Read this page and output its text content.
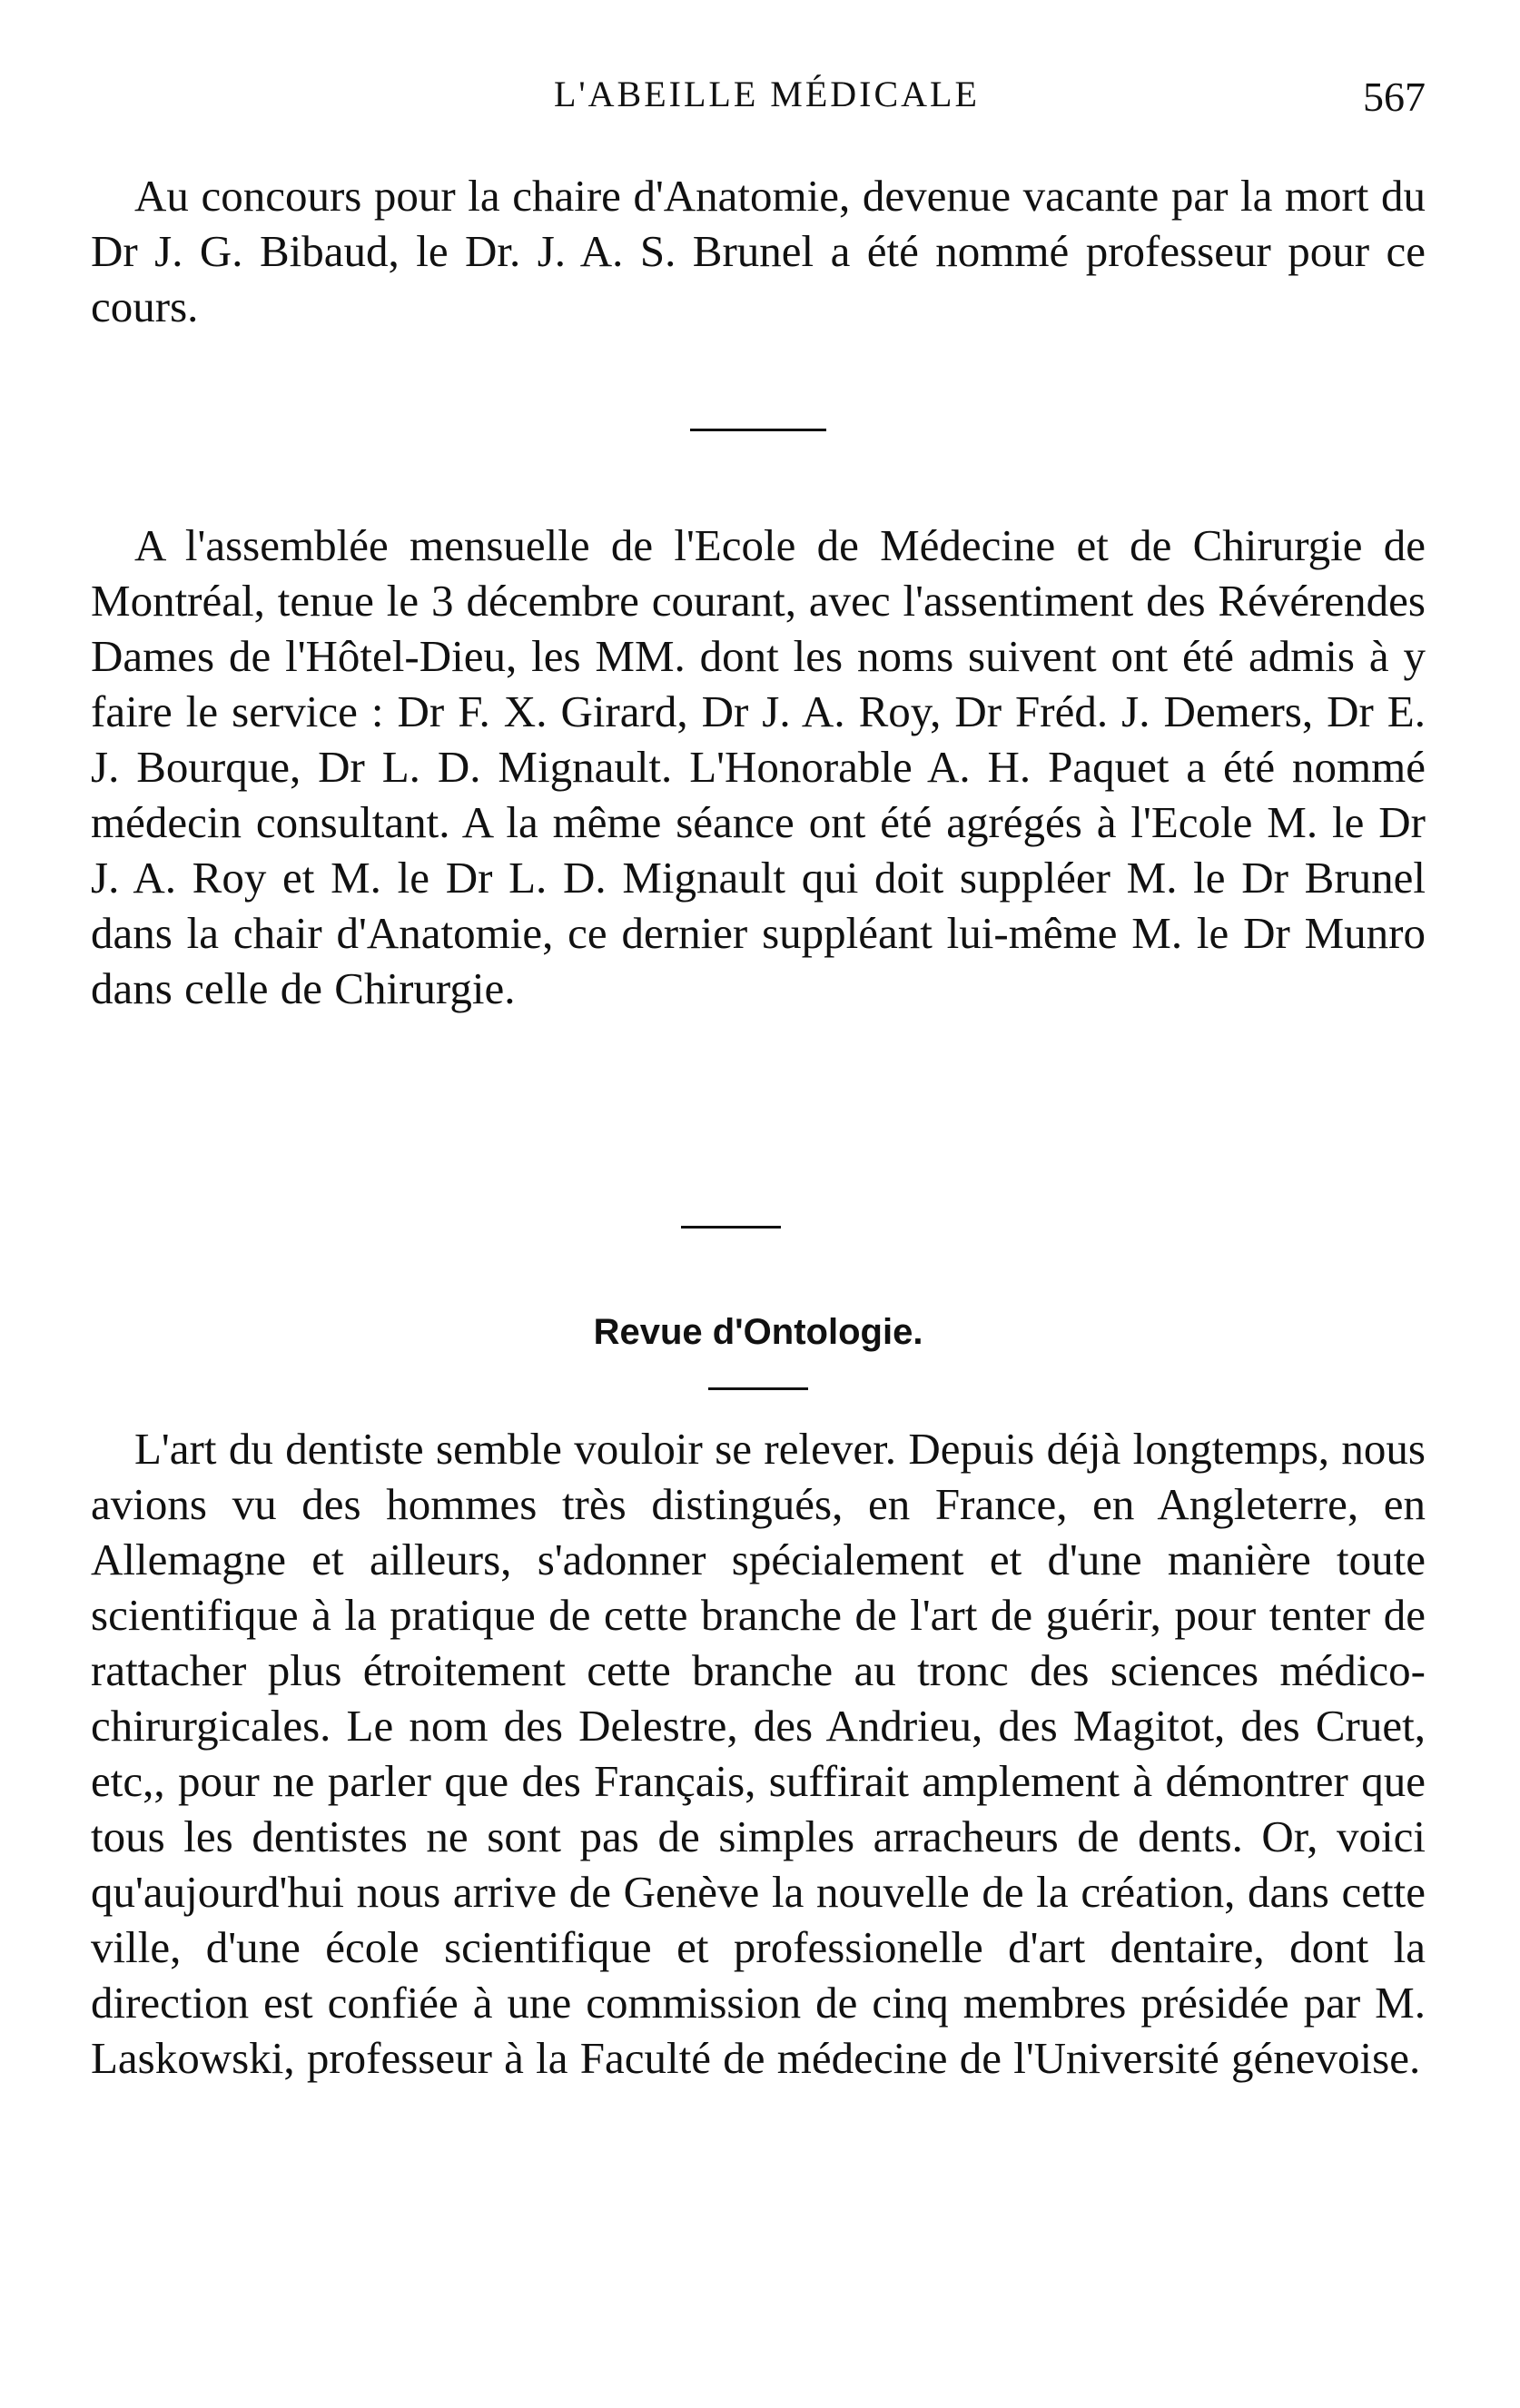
L'ABEILLE MÉDICALE	567

Au concours pour la chaire d'Anatomie, devenue vacante par la mort du Dr J. G. Bibaud, le Dr. J. A. S. Brunel a été nommé professeur pour ce cours.

A l'assemblée mensuelle de l'Ecole de Médecine et de Chirurgie de Montréal, tenue le 3 décembre courant, avec l'assentiment des Révérendes Dames de l'Hôtel-Dieu, les MM. dont les noms suivent ont été admis à y faire le service : Dr F. X. Girard, Dr J. A. Roy, Dr Fréd. J. Demers, Dr E. J. Bourque, Dr L. D. Mignault. L'Honorable A. H. Paquet a été nommé médecin consultant. A la même séance ont été agrégés à l'Ecole M. le Dr J. A. Roy et M. le Dr L. D. Mignault qui doit suppléer M. le Dr Brunel dans la chair d'Anatomie, ce dernier suppléant lui-même M. le Dr Munro dans celle de Chirurgie.

Revue d'Ontologie.

L'art du dentiste semble vouloir se relever. Depuis déjà longtemps, nous avions vu des hommes très distingués, en France, en Angleterre, en Allemagne et ailleurs, s'adonner spécialement et d'une manière toute scientifique à la pratique de cette branche de l'art de guérir, pour tenter de rattacher plus étroitement cette branche au tronc des sciences médico-chirurgicales. Le nom des Delestre, des Andrieu, des Magitot, des Cruet, etc,, pour ne parler que des Français, suffirait amplement à démontrer que tous les dentistes ne sont pas de simples arracheurs de dents. Or, voici qu'aujourd'hui nous arrive de Genève la nouvelle de la création, dans cette ville, d'une école scientifique et professionelle d'art dentaire, dont la direction est confiée à une commission de cinq membres présidée par M. Laskowski, professeur à la Faculté de médecine de l'Université génevoise.
